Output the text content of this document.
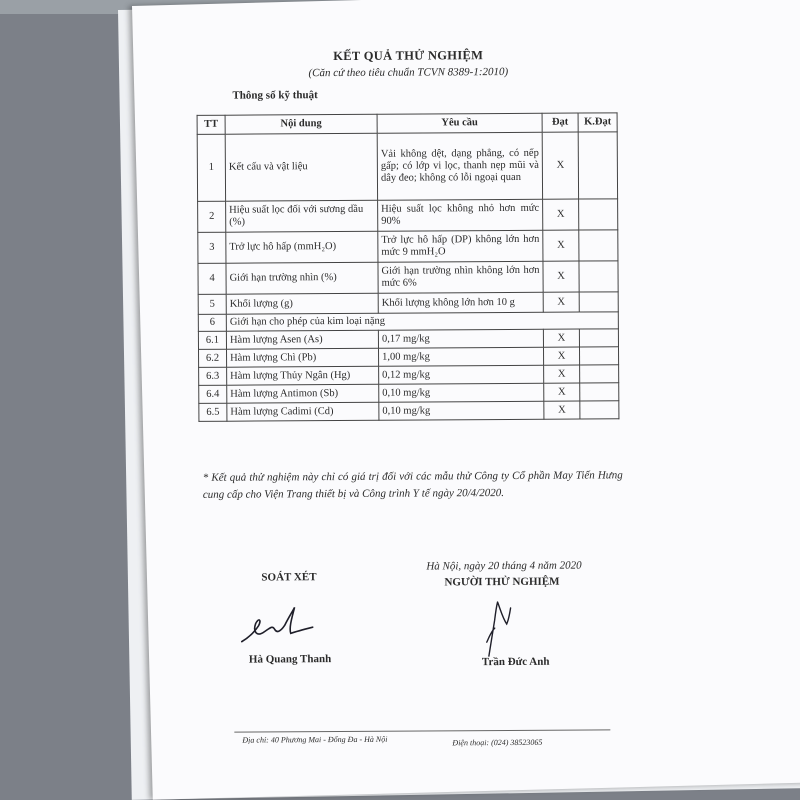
KẾT QUẢ THỬ NGHIỆM
(Căn cứ theo tiêu chuẩn TCVN 8389-1:2010)
Thông số kỹ thuật
TT	Nội dung	Yêu cầu	Đạt	K.Đạt
1	Kết cấu và vật liệu	Vải không dệt, dạng phẳng, có nếp gấp; có lớp vi lọc, thanh nẹp mũi và dây đeo; không có lỗi ngoại quan	X	
2	Hiệu suất lọc đối với sương dầu (%)	Hiệu suất lọc không nhỏ hơn mức 90%	X	
3	Trở lực hô hấp (mmH₂O)	Trở lực hô hấp (DP) không lớn hơn mức 9 mmH₂O	X	
4	Giới hạn trường nhìn (%)	Giới hạn trường nhìn không lớn hơn mức 6%	X	
5	Khối lượng (g)	Khối lượng không lớn hơn 10 g	X	
6	Giới hạn cho phép của kim loại nặng			
6.1	Hàm lượng Asen (As)	0,17 mg/kg	X	
6.2	Hàm lượng Chì (Pb)	1,00 mg/kg	X	
6.3	Hàm lượng Thủy Ngân (Hg)	0,12 mg/kg	X	
6.4	Hàm lượng Antimon (Sb)	0,10 mg/kg	X	
6.5	Hàm lượng Cadimi (Cd)	0,10 mg/kg	X	
* Kết quả thử nghiệm này chỉ có giá trị đối với các mẫu thử Công ty Cổ phần May Tiến Hưng cung cấp cho Viện Trang thiết bị và Công trình Y tế ngày 20/4/2020.
SOÁT XÉT
Hà Nội, ngày 20 tháng 4 năm 2020
NGƯỜI THỬ NGHIỆM
Hà Quang Thanh	Trần Đức Anh
Địa chỉ: 40 Phương Mai - Đống Đa - Hà Nội	Điện thoại: (024) 38523065
